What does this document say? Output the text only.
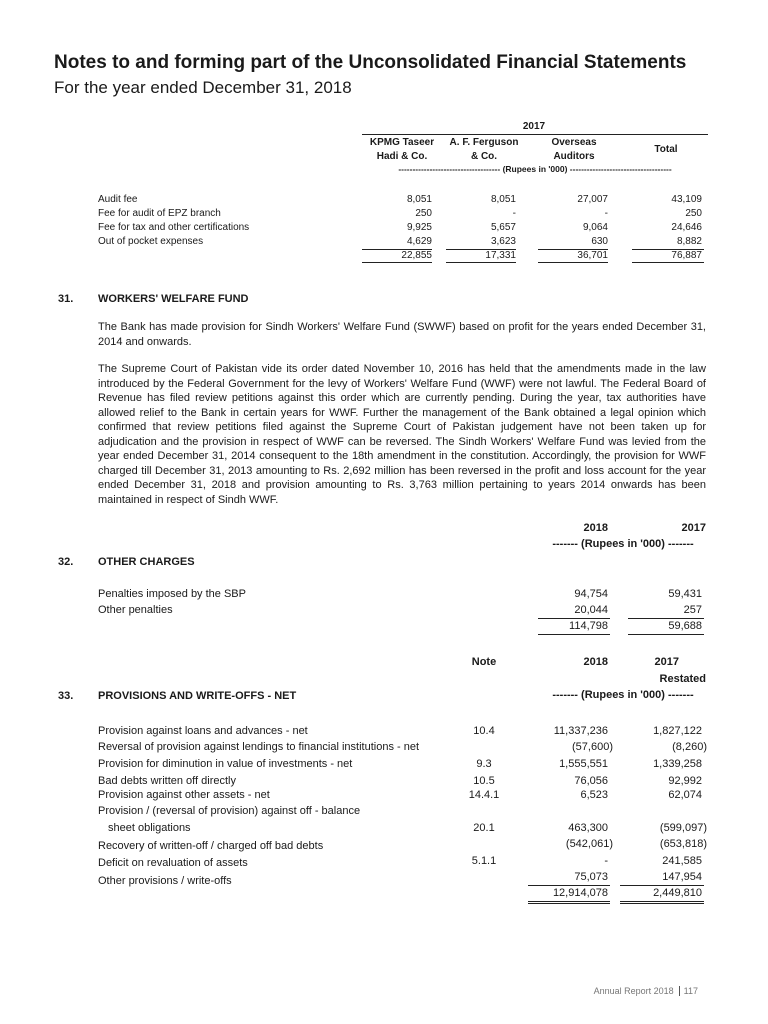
Notes to and forming part of the Unconsolidated Financial Statements
For the year ended December 31, 2018
2017
KPMG Taseer
Hadi & Co.
A. F. Ferguson
& Co.
Overseas
Auditors
Total
------------------------------------ (Rupees in '000) ------------------------------------
Audit fee	8,051	8,051	27,007	43,109
Fee for audit of EPZ branch	250	-	-	250
Fee for tax and other certifications	9,925	5,657	9,064	24,646
Out of pocket expenses	4,629	3,623	630	8,882
22,855	17,331	36,701	76,887
31. WORKERS' WELFARE FUND
The Bank has made provision for Sindh Workers' Welfare Fund (SWWF) based on profit for the years ended December 31, 2014 and onwards.
The Supreme Court of Pakistan vide its order dated November 10, 2016 has held that the amendments made in the law introduced by the Federal Government for the levy of Workers' Welfare Fund (WWF) were not lawful. The Federal Board of Revenue has filed review petitions against this order which are currently pending. During the year, tax authorities have allowed relief to the Bank in certain years for WWF. Further the management of the Bank obtained a legal opinion which confirmed that review petitions filed against the Supreme Court of Pakistan judgement have not been taken up for adjudication and the provision in respect of WWF can be reversed. The Sindh Workers' Welfare Fund was levied from the year ended December 31, 2014 consequent to the 18th amendment in the constitution. Accordingly, the provision for WWF charged till December 31, 2013 amounting to Rs. 2,692 million has been reversed in the profit and loss account for the year ended December 31, 2018 and provision amounting to Rs. 3,763 million pertaining to years 2014 onwards has been maintained in respect of Sindh WWF.
2018	2017
------- (Rupees in '000) -------
32. OTHER CHARGES
Penalties imposed by the SBP	94,754	59,431
Other penalties	20,044	257
114,798	59,688
Note	2018	2017
Restated
33. PROVISIONS AND WRITE-OFFS - NET	------- (Rupees in '000) -------
Provision against loans and advances - net	10.4	11,337,236	1,827,122
Reversal of provision against lendings to financial institutions - net	(57,600)	(8,260)
Provision for diminution in value of investments - net	9.3	1,555,551	1,339,258
Bad debts written off directly	10.5	76,056	92,992
Provision against other assets - net	14.4.1	6,523	62,074
Provision / (reversal of provision) against off - balance
sheet obligations	20.1	463,300	(599,097)
Recovery of written-off / charged off bad debts	(542,061)	(653,818)
Deficit on revaluation of assets	5.1.1	-	241,585
Other provisions / write-offs	75,073	147,954
12,914,078	2,449,810
Annual Report 2018 117
